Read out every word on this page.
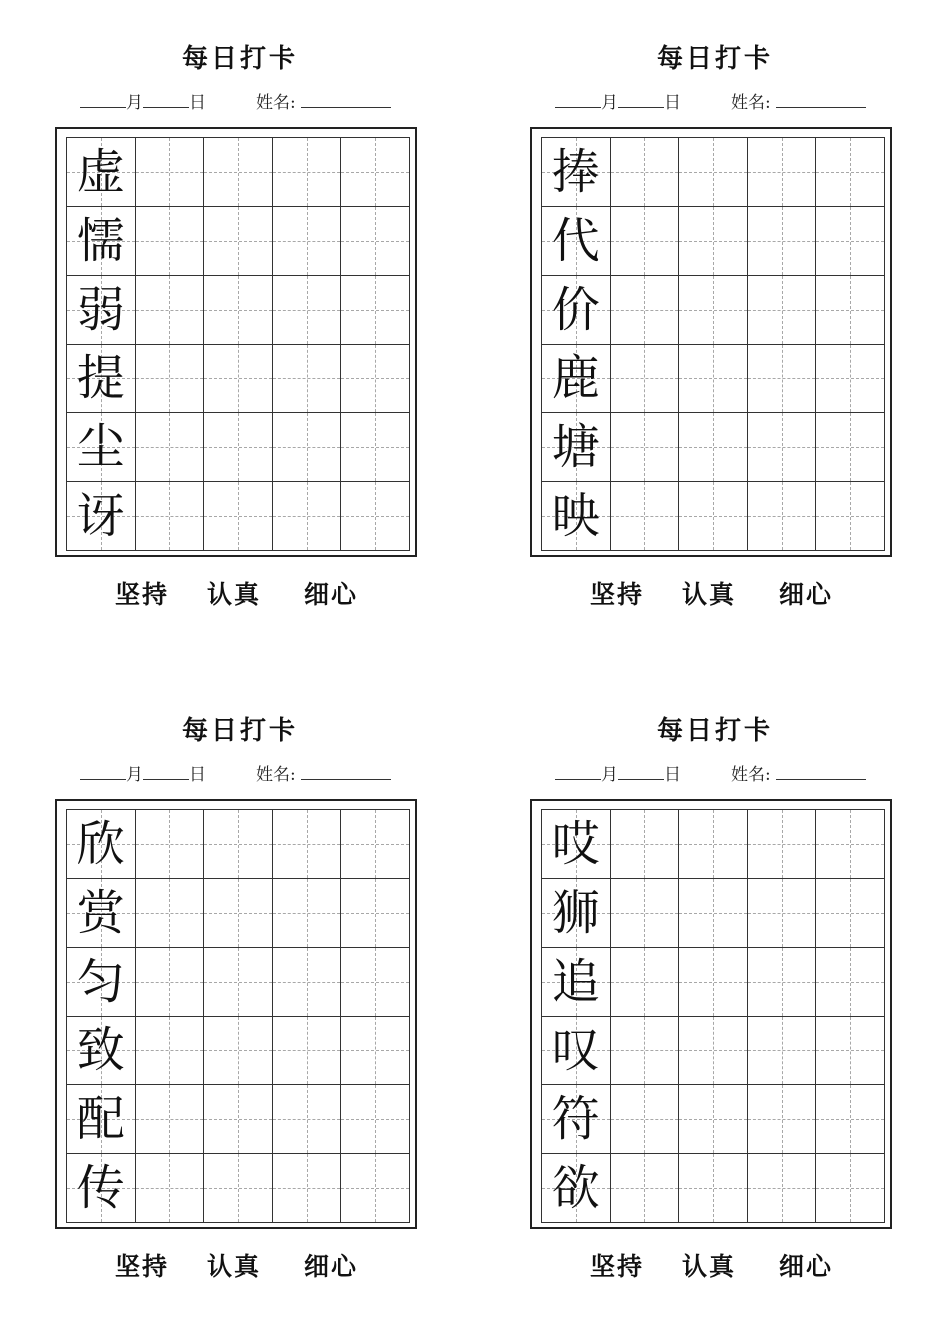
每日打卡
月	日	姓名:
虚
懦
弱
提
尘
讶
坚持 认真 细心
每日打卡
月	日	姓名:
捧
代
价
鹿
塘
映
坚持 认真 细心
每日打卡
月	日	姓名:
欣
赏
匀
致
配
传
坚持 认真 细心
每日打卡
月	日	姓名:
哎
狮
追
叹
符
欲
坚持 认真 细心
